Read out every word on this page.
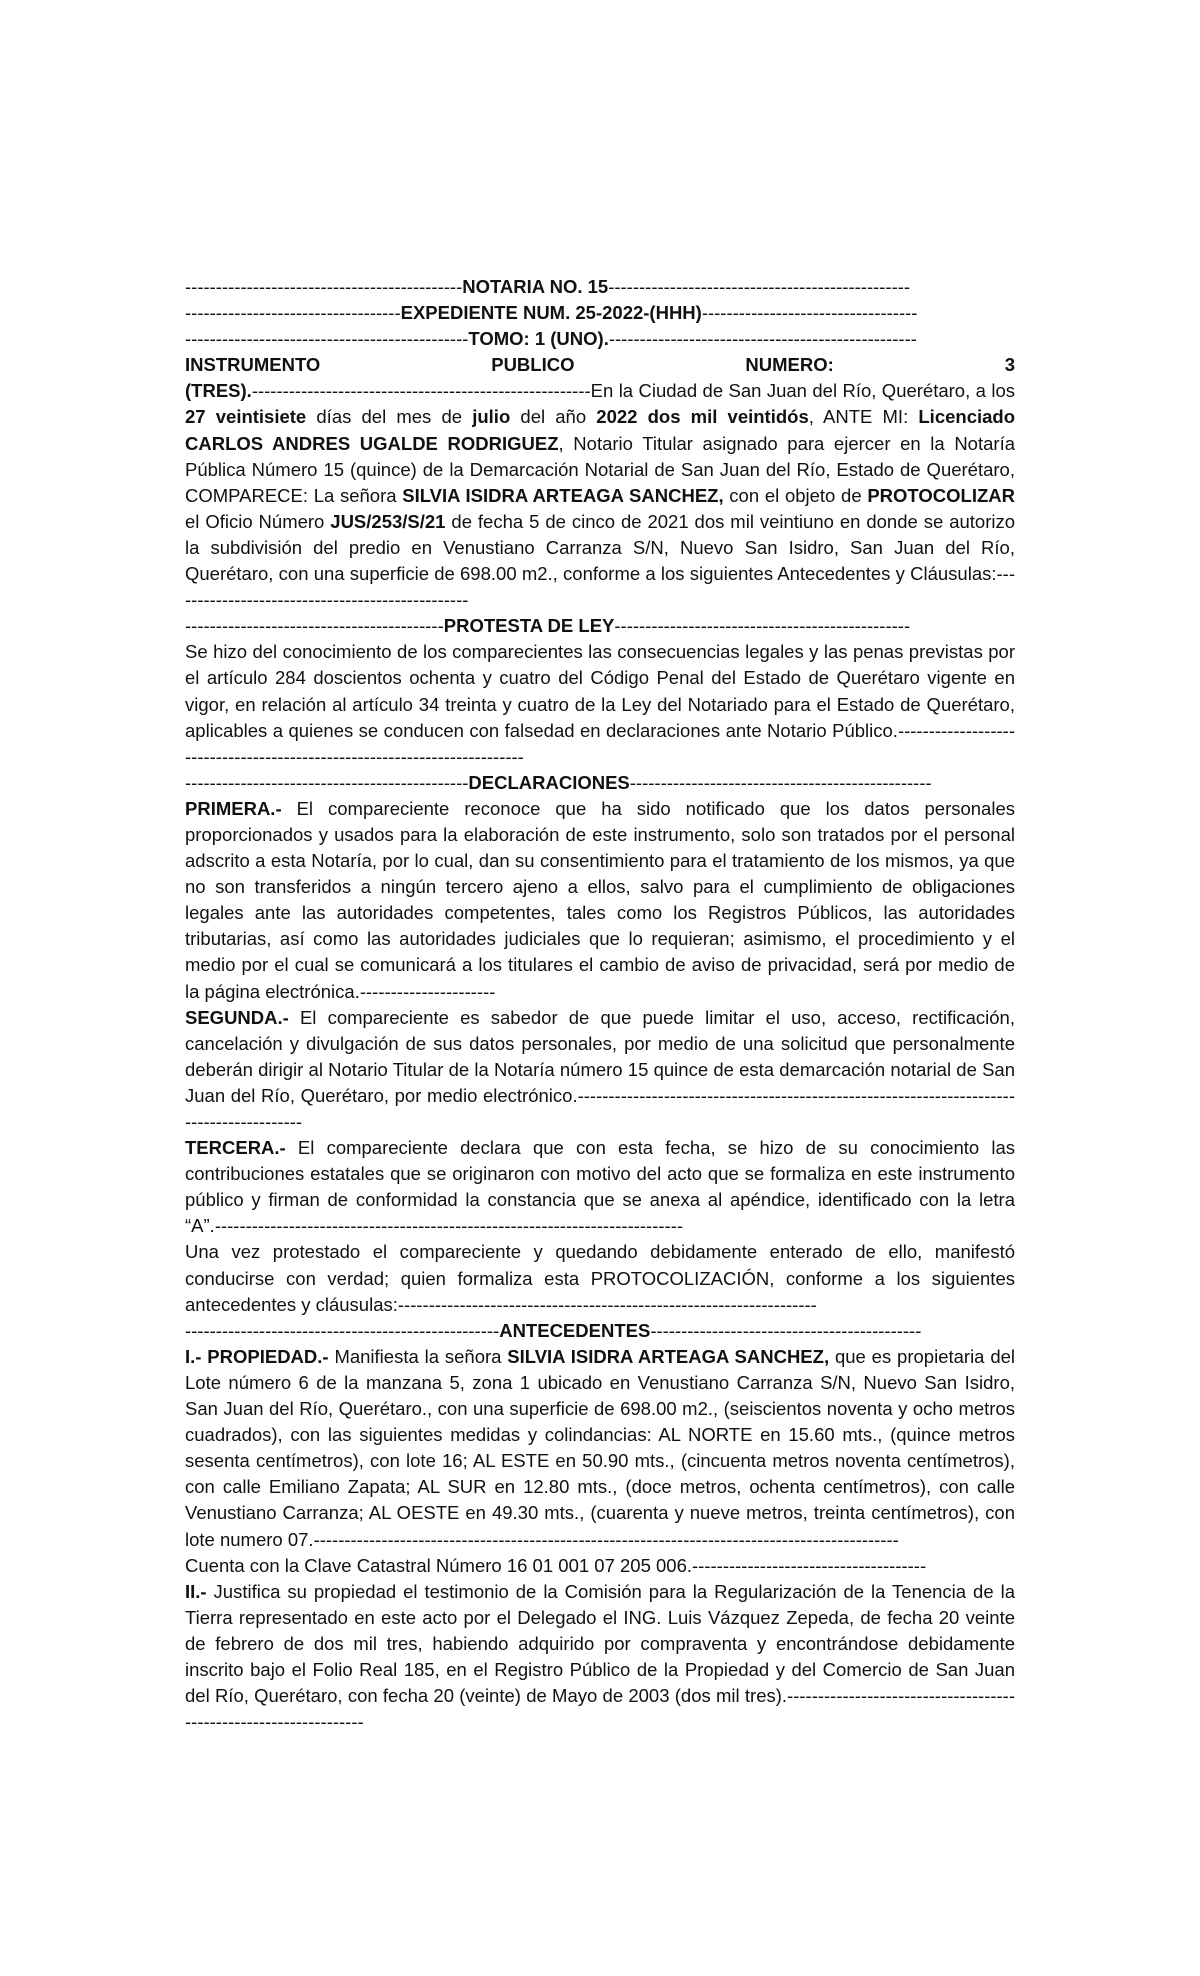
---------------------------------------------NOTARIA NO. 15-------------------------------------------------
-----------------------------------EXPEDIENTE NUM. 25-2022-(HHH)-----------------------------------
----------------------------------------------TOMO: 1 (UNO).--------------------------------------------------
INSTRUMENTO	PUBLICO	NUMERO:	3

(TRES).-------------------------------------------------------En la Ciudad de San Juan del Río, Querétaro, a los 27 veintisiete días del mes de julio del año 2022 dos mil veintidós, ANTE MI: Licenciado CARLOS ANDRES UGALDE RODRIGUEZ, Notario Titular asignado para ejercer en la Notaría Pública Número 15 (quince) de la Demarcación Notarial de San Juan del Río, Estado de Querétaro, COMPARECE: La señora SILVIA ISIDRA ARTEAGA SANCHEZ, con el objeto de PROTOCOLIZAR el Oficio Número JUS/253/S/21 de fecha 5 de cinco de 2021 dos mil veintiuno en donde se autorizo la subdivisión del predio en Venustiano Carranza S/N, Nuevo San Isidro, San Juan del Río, Querétaro, con una superficie de 698.00 m2., conforme a los siguientes Antecedentes y Cláusulas:-------------------------------------------------

------------------------------------------PROTESTA DE LEY------------------------------------------------

Se hizo del conocimiento de los comparecientes las consecuencias legales y las penas previstas por el artículo 284 doscientos ochenta y cuatro del Código Penal del Estado de Querétaro vigente en vigor, en relación al artículo 34 treinta y cuatro de la Ley del Notariado para el Estado de Querétaro, aplicables a quienes se conducen con falsedad en declaraciones ante Notario Público.--------------------------------------------------------------------------

----------------------------------------------DECLARACIONES-------------------------------------------------

PRIMERA.- El compareciente reconoce que ha sido notificado que los datos personales proporcionados y usados para la elaboración de este instrumento, solo son tratados por el personal adscrito a esta Notaría, por lo cual, dan su consentimiento para el tratamiento de los mismos, ya que no son transferidos a ningún tercero ajeno a ellos, salvo para el cumplimiento de obligaciones legales ante las autoridades competentes, tales como los Registros Públicos, las autoridades tributarias, así como las autoridades judiciales que lo requieran; asimismo, el procedimiento y el medio por el cual se comunicará a los titulares el cambio de aviso de privacidad, será por medio de la página electrónica.----------------------

SEGUNDA.- El compareciente es sabedor de que puede limitar el uso, acceso, rectificación, cancelación y divulgación de sus datos personales, por medio de una solicitud que personalmente deberán dirigir al Notario Titular de la Notaría número 15 quince de esta demarcación notarial de San Juan del Río, Querétaro, por medio electrónico.------------------------------------------------------------------------------------------

TERCERA.- El compareciente declara que con esta fecha, se hizo de su conocimiento las contribuciones estatales que se originaron con motivo del acto que se formaliza en este instrumento público y firman de conformidad la constancia que se anexa al apéndice, identificado con la letra “A”.----------------------------------------------------------------------------

Una vez protestado el compareciente y quedando debidamente enterado de ello, manifestó conducirse con verdad; quien formaliza esta PROTOCOLIZACIÓN, conforme a los siguientes antecedentes y cláusulas:--------------------------------------------------------------------

---------------------------------------------------ANTECEDENTES--------------------------------------------

I.- PROPIEDAD.- Manifiesta la señora SILVIA ISIDRA ARTEAGA SANCHEZ, que es propietaria del Lote número 6 de la manzana 5, zona 1 ubicado en Venustiano Carranza S/N, Nuevo San Isidro, San Juan del Río, Querétaro., con una superficie de 698.00 m2., (seiscientos noventa y ocho metros cuadrados), con las siguientes medidas y colindancias: AL NORTE en 15.60 mts., (quince metros sesenta centímetros), con lote 16; AL ESTE en 50.90 mts., (cincuenta metros noventa centímetros), con calle Emiliano Zapata; AL SUR en 12.80 mts., (doce metros, ochenta centímetros), con calle Venustiano Carranza; AL OESTE en 49.30 mts., (cuarenta y nueve metros, treinta centímetros), con lote numero 07.-----------------------------------------------------------------------------------------------

Cuenta con la Clave Catastral Número 16 01 001 07 205 006.--------------------------------------

II.- Justifica su propiedad el testimonio de la Comisión para la Regularización de la Tenencia de la Tierra representado en este acto por el Delegado el ING. Luis Vázquez Zepeda, de fecha 20 veinte de febrero de dos mil tres, habiendo adquirido por compraventa y encontrándose debidamente inscrito bajo el Folio Real 185, en el Registro Público de la Propiedad y del Comercio de San Juan del Río, Querétaro, con fecha 20 (veinte) de Mayo de 2003 (dos mil tres).------------------------------------------------------------------
